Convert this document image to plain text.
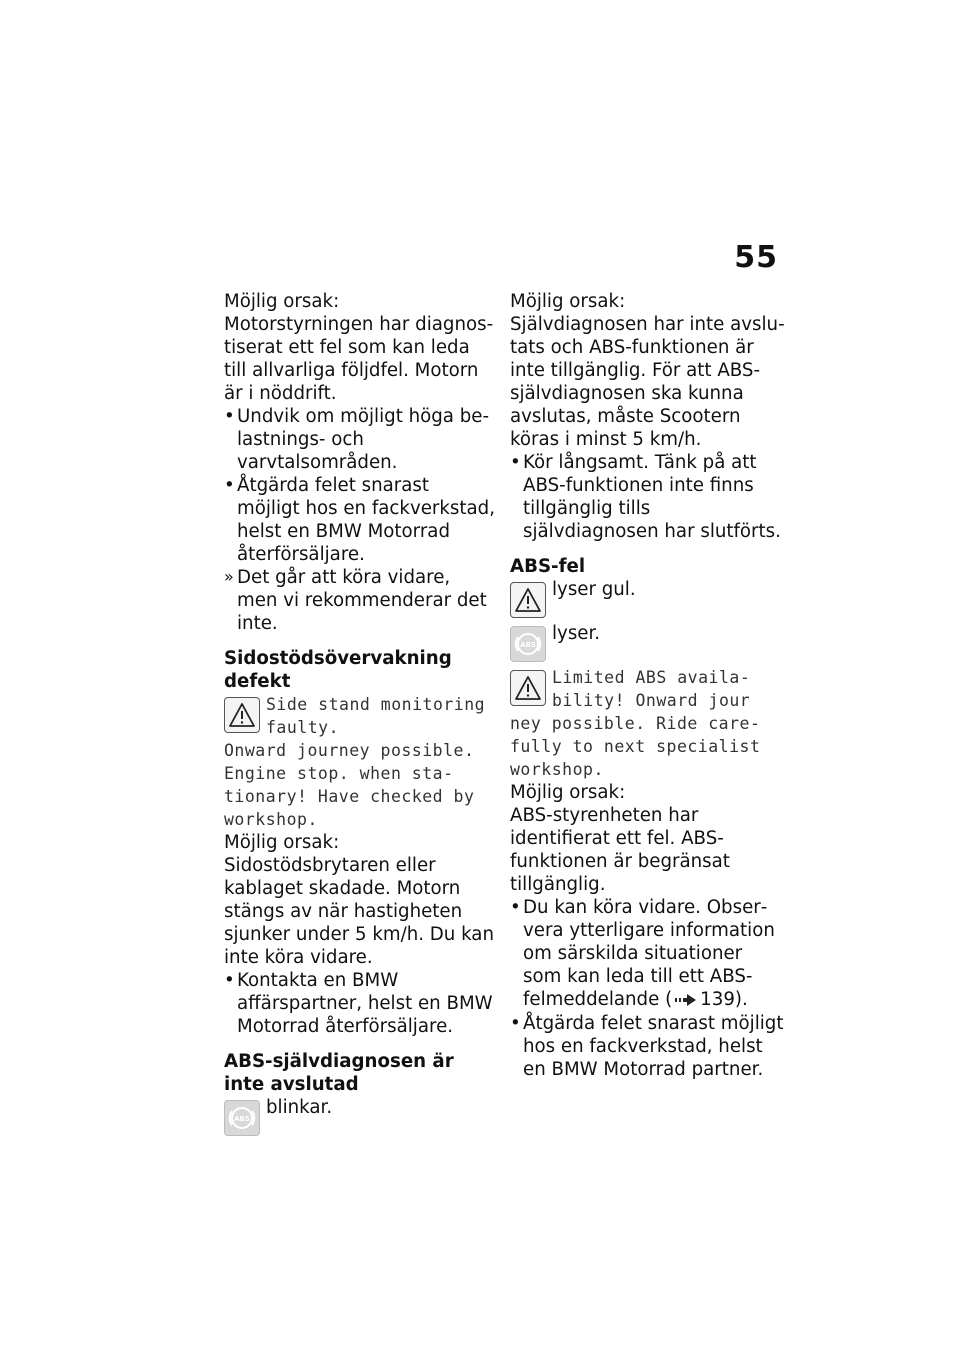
55

Möjlig orsak:

Motorstyrningen har diagnostiserat ett fel som kan leda till allvarliga följdfel. Motorn är i nöddrift.

• Undvik om möjligt höga belastnings- och varvtalsområden.

• Åtgärda felet snarast möjligt hos en fackverkstad, helst en BMW Motorrad återförsäljare.

» Det går att köra vidare, men vi rekommenderar det inte.

Sidostödsövervakning defekt

Side stand monitoring faulty.

Onward journey possible. Engine stop. when stationary! Have checked by workshop.

Möjlig orsak:

Sidostödsbrytaren eller kablaget skadade. Motorn stängs av när hastigheten sjunker under 5 km/h. Du kan inte köra vidare.

• Kontakta en BMW affärspartner, helst en BMW Motorrad återförsäljare.

ABS-självdiagnosen är inte avslutad

ABS

blinkar.

Möjlig orsak:

Självdiagnosen har inte avslutats och ABS-funktionen är inte tillgänglig. För att ABS-självdiagnosen ska kunna avslutas, måste Scootern köras i minst 5 km/h.

• Kör långsamt. Tänk på att ABS-funktionen inte finns tillgänglig tills självdiagnosen har slutförts.

ABS-fel

lyser gul.

ABS

lyser.

Limited ABS availability! Onward jour

ney possible. Ride carefully to next specialist workshop.

Möjlig orsak:

ABS-styrenheten har identifierat ett fel. ABS-funktionen är begränsat tillgänglig.

• Du kan köra vidare. Observera ytterligare information om särskilda situationer som kan leda till ett ABS-felmeddelande ( 139).

• Åtgärda felet snarast möjligt hos en fackverkstad, helst en BMW Motorrad partner.
